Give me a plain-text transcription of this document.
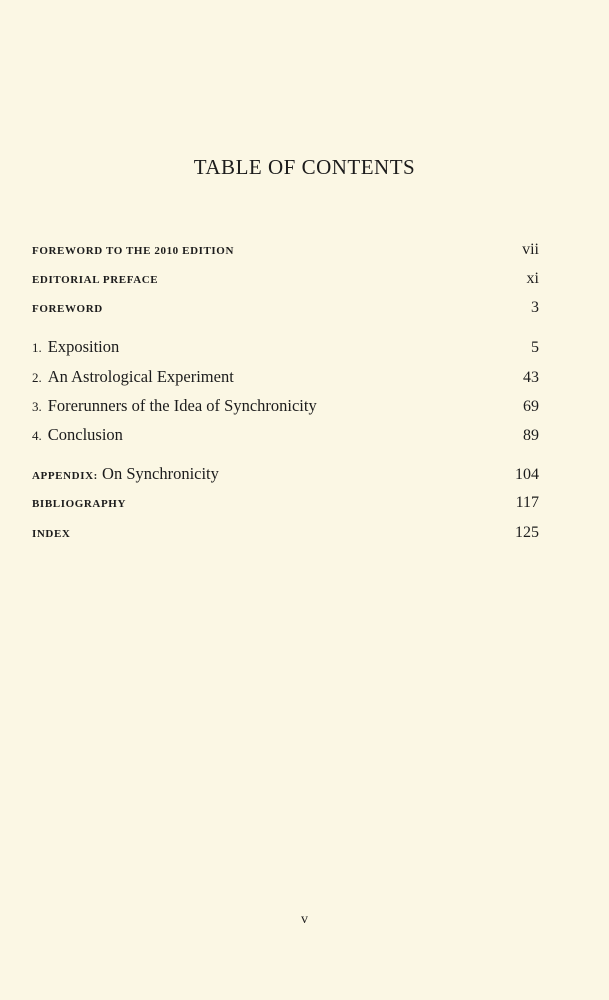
TABLE OF CONTENTS
FOREWORD TO THE 2010 EDITION	vii
EDITORIAL PREFACE	xi
FOREWORD	3
1. Exposition	5
2. An Astrological Experiment	43
3. Forerunners of the Idea of Synchronicity	69
4. Conclusion	89
APPENDIX: On Synchronicity	104
BIBLIOGRAPHY	117
INDEX	125
v
